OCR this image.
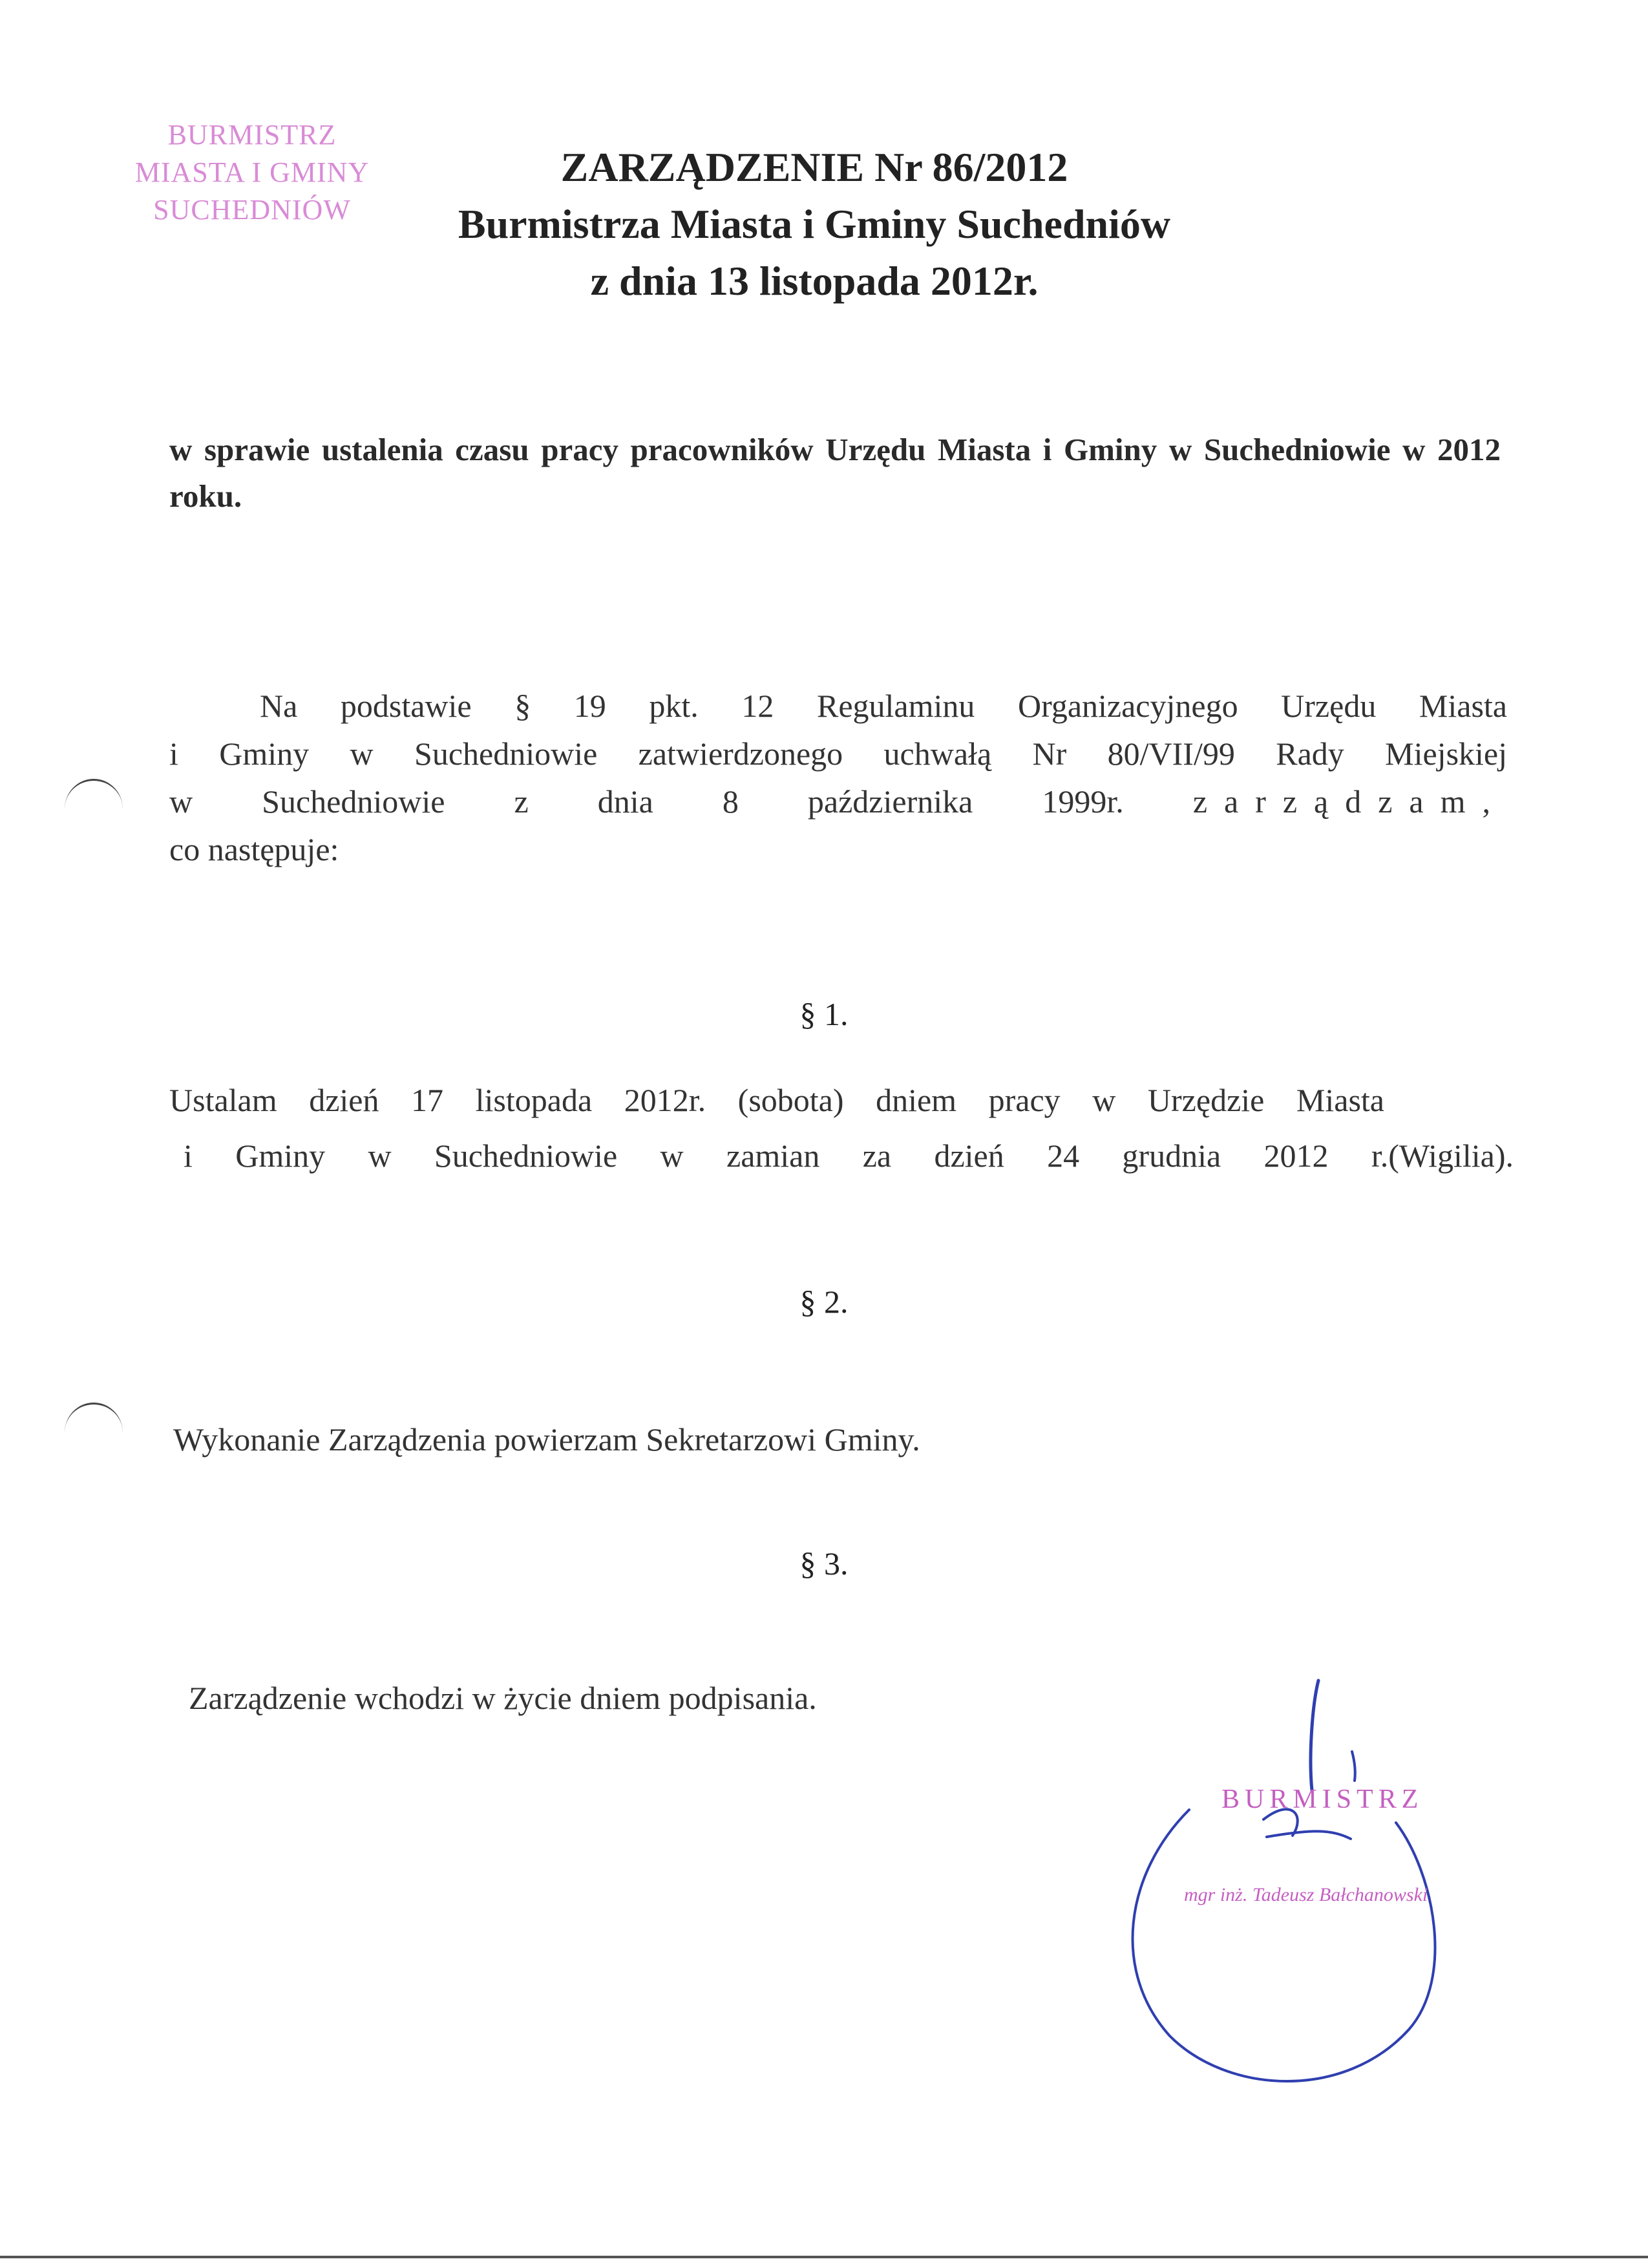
BURMISTRZ
MIASTA I GMINY
SUCHEDNIÓW
ZARZĄDZENIE Nr 86/2012
Burmistrza Miasta i Gminy Suchedniów
z dnia 13 listopada 2012r.
w sprawie ustalenia czasu pracy pracowników Urzędu Miasta i Gminy w Suchedniowie w 2012 roku.
Na podstawie § 19 pkt. 12 Regulaminu Organizacyjnego Urzędu Miasta
i Gminy w Suchedniowie zatwierdzonego uchwałą Nr 80/VII/99 Rady Miejskiej
w Suchedniowie z dnia 8 października 1999r. zarządzam,
co następuje:
§ 1.
Ustalam dzień 17 listopada 2012r. (sobota) dniem pracy w Urzędzie Miasta
i Gminy w Suchedniowie w zamian za dzień 24 grudnia 2012 r.(Wigilia).
§ 2.
Wykonanie Zarządzenia powierzam Sekretarzowi Gminy.
§ 3.
Zarządzenie wchodzi w życie dniem podpisania.
BURMISTRZ
mgr inż. Tadeusz Bałchanowski
